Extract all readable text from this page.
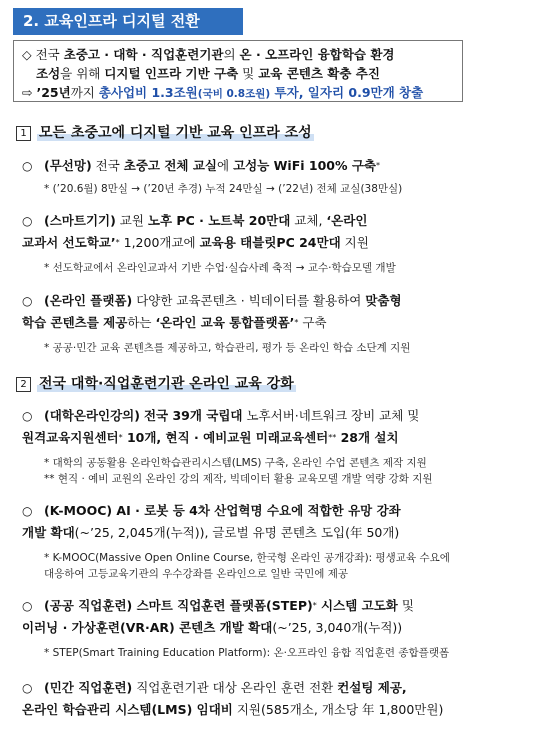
2. 교육인프라 디지털 전환
◇ 전국 초중고 · 대학 · 직업훈련기관의 온 · 오프라인 융합학습 환경
조성을 위해 디지털 인프라 기반 구축 및 교육 콘텐츠 확충 추진
⇨ ’25년까지 총사업비 1.3조원(국비 0.8조원) 투자, 일자리 0.9만개 창출
1 모든 초중고에 디지털 기반 교육 인프라 조성
○ (무선망) 전국 초중고 전체 교실에 고성능 WiFi 100% 구축*
* (’20.6월) 8만실 → (’20년 추경) 누적 24만실 → (’22년) 전체 교실(38만실)
○ (스마트기기) 교원 노후 PC · 노트북 20만대 교체, ‘온라인
교과서 선도학교’* 1,200개교에 교육용 태블릿PC 24만대 지원
* 선도학교에서 온라인교과서 기반 수업·실습사례 축적 → 교수·학습모델 개발
○ (온라인 플랫폼) 다양한 교육콘텐츠 · 빅데이터를 활용하여 맞춤형
학습 콘텐츠를 제공하는 ‘온라인 교육 통합플랫폼’* 구축
* 공공·민간 교육 콘텐츠를 제공하고, 학습관리, 평가 등 온라인 학습 소단계 지원
2 전국 대학·직업훈련기관 온라인 교육 강화
○ (대학온라인강의) 전국 39개 국립대 노후서버·네트워크 장비 교체 및
원격교육지원센터* 10개, 현직 · 예비교원 미래교육센터** 28개 설치
* 대학의 공동활용 온라인학습관리시스템(LMS) 구축, 온라인 수업 콘텐츠 제작 지원
** 현직 · 예비 교원의 온라인 강의 제작, 빅데이터 활용 교육모델 개발 역량 강화 지원
○ (K-MOOC) AI · 로봇 등 4차 산업혁명 수요에 적합한 유망 강좌
개발 확대(~’25, 2,045개(누적)), 글로벌 유명 콘텐츠 도입(年 50개)
* K-MOOC(Massive Open Online Course, 한국형 온라인 공개강좌): 평생교육 수요에
대응하여 고등교육기관의 우수강좌를 온라인으로 일반 국민에 제공
○ (공공 직업훈련) 스마트 직업훈련 플랫폼(STEP)* 시스템 고도화 및
이러닝 · 가상훈련(VR·AR) 콘텐츠 개발 확대(~’25, 3,040개(누적))
* STEP(Smart Training Education Platform): 온·오프라인 융합 직업훈련 종합플랫폼
○ (민간 직업훈련) 직업훈련기관 대상 온라인 훈련 전환 컨설팅 제공,
온라인 학습관리 시스템(LMS) 임대비 지원(585개소, 개소당 年 1,800만원)
